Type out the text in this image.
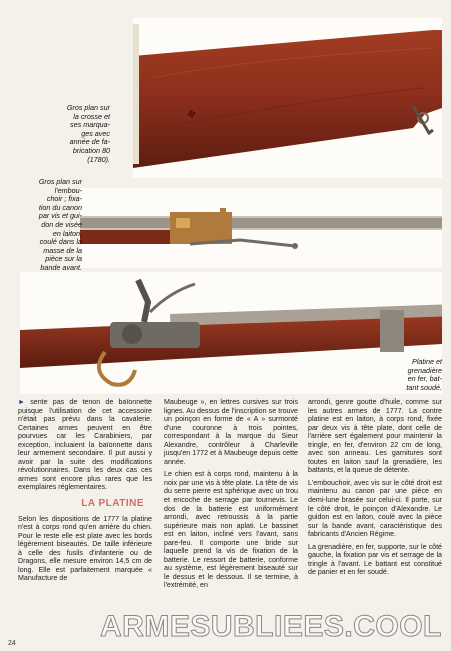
✥

Gros plan sur

la crosse et

ses marqua-

ges avec

année de fa-

brication 80

(1780).

Gros plan sur

l'embou-

choir ; fixa-

tion du canon

par vis et gui-

don de visée

en laiton,

coulé dans la

masse de la

pièce sur la

bande avant.

Platine et

grenadière

en fer, bat-

tant soudé.

► sente pas de tenon de baïonnette puisque l'utilisation de cet accessoire n'était pas prévu dans la cavalerie. Certaines armes peuvent en être pourvues car les Carabiniers, par exception, incluaient la baïonnette dans leur armement secondaire. Il put aussi y avoir par la suite des modifications révolutionnaires. Dans les deux cas ces armes sont encore plus rares que les exemplaires réglementaires.

LA PLATINE

Selon les dispositions de 1777 la platine n'est à corps rond qu'en arrière du chien. Pour le reste elle est plate avec les bords légèrement biseautés. De taille inférieure à celle des fusils d'infanterie ou de Dragons, elle mesure environ 14,5 cm de long. Elle est parfaitement marquée « Manufacture de

Maubeuge », en lettres cursives sur trois lignes. Au dessus de l'inscription se trouve un poinçon en forme de « A » surmonté d'une couronne à trois pointes, correspondant à la marque du Sieur Alexandre, contrôleur à Charleville jusqu'en 1772 et à Maubeuge depuis cette année.

Le chien est à corps rond, maintenu à la noix par une vis à tête plate. La tête de vis du serre pierre est sphérique avec un trou et encoche de serrage par tournevis. Le dos de la batterie est uniformément arrondi, avec retroussis à la partie supérieure mais non aplati. Le bassinet est en laiton, incliné vers l'avant, sans pare-feu. Il comporte une bride sur laquelle prend la vis de fixation de la batterie. Le ressort de batterie, conforme au système, est légèrement biseauté sur le dessus et le dessous. Il se termine, à l'extrémité, en

arrondi, genre goutte d'huile, comme sur les autres armes de 1777. La contre platine est en laiton, à corps rond, fixée par deux vis à tête plate, dont celle de l'arrière sert également pour maintenir la tringle, en fer, d'environ 22 cm de long, avec son anneau. Les garnitures sont toutes en laiton sauf la grenadière, les battants, et la queue de détente.

L'embouchoir, avec vis sur le côté droit est maintenu au canon par une pièce en demi-lune brasée sur celui-ci. Il porte, sur le côté droit, le poinçon d'Alexandre. Le guidon est en laiton, coulé avec la pièce sur la bande avant, caractéristique des fabricants d'Ancien Régime.

La grenadière, en fer, supporte, sur le côté gauche, la fixation par vis et serrage de la tringle à l'avant. Le battant est constitué de panier et en fer soudé.

24
ARMESUBLIEES.COOL
